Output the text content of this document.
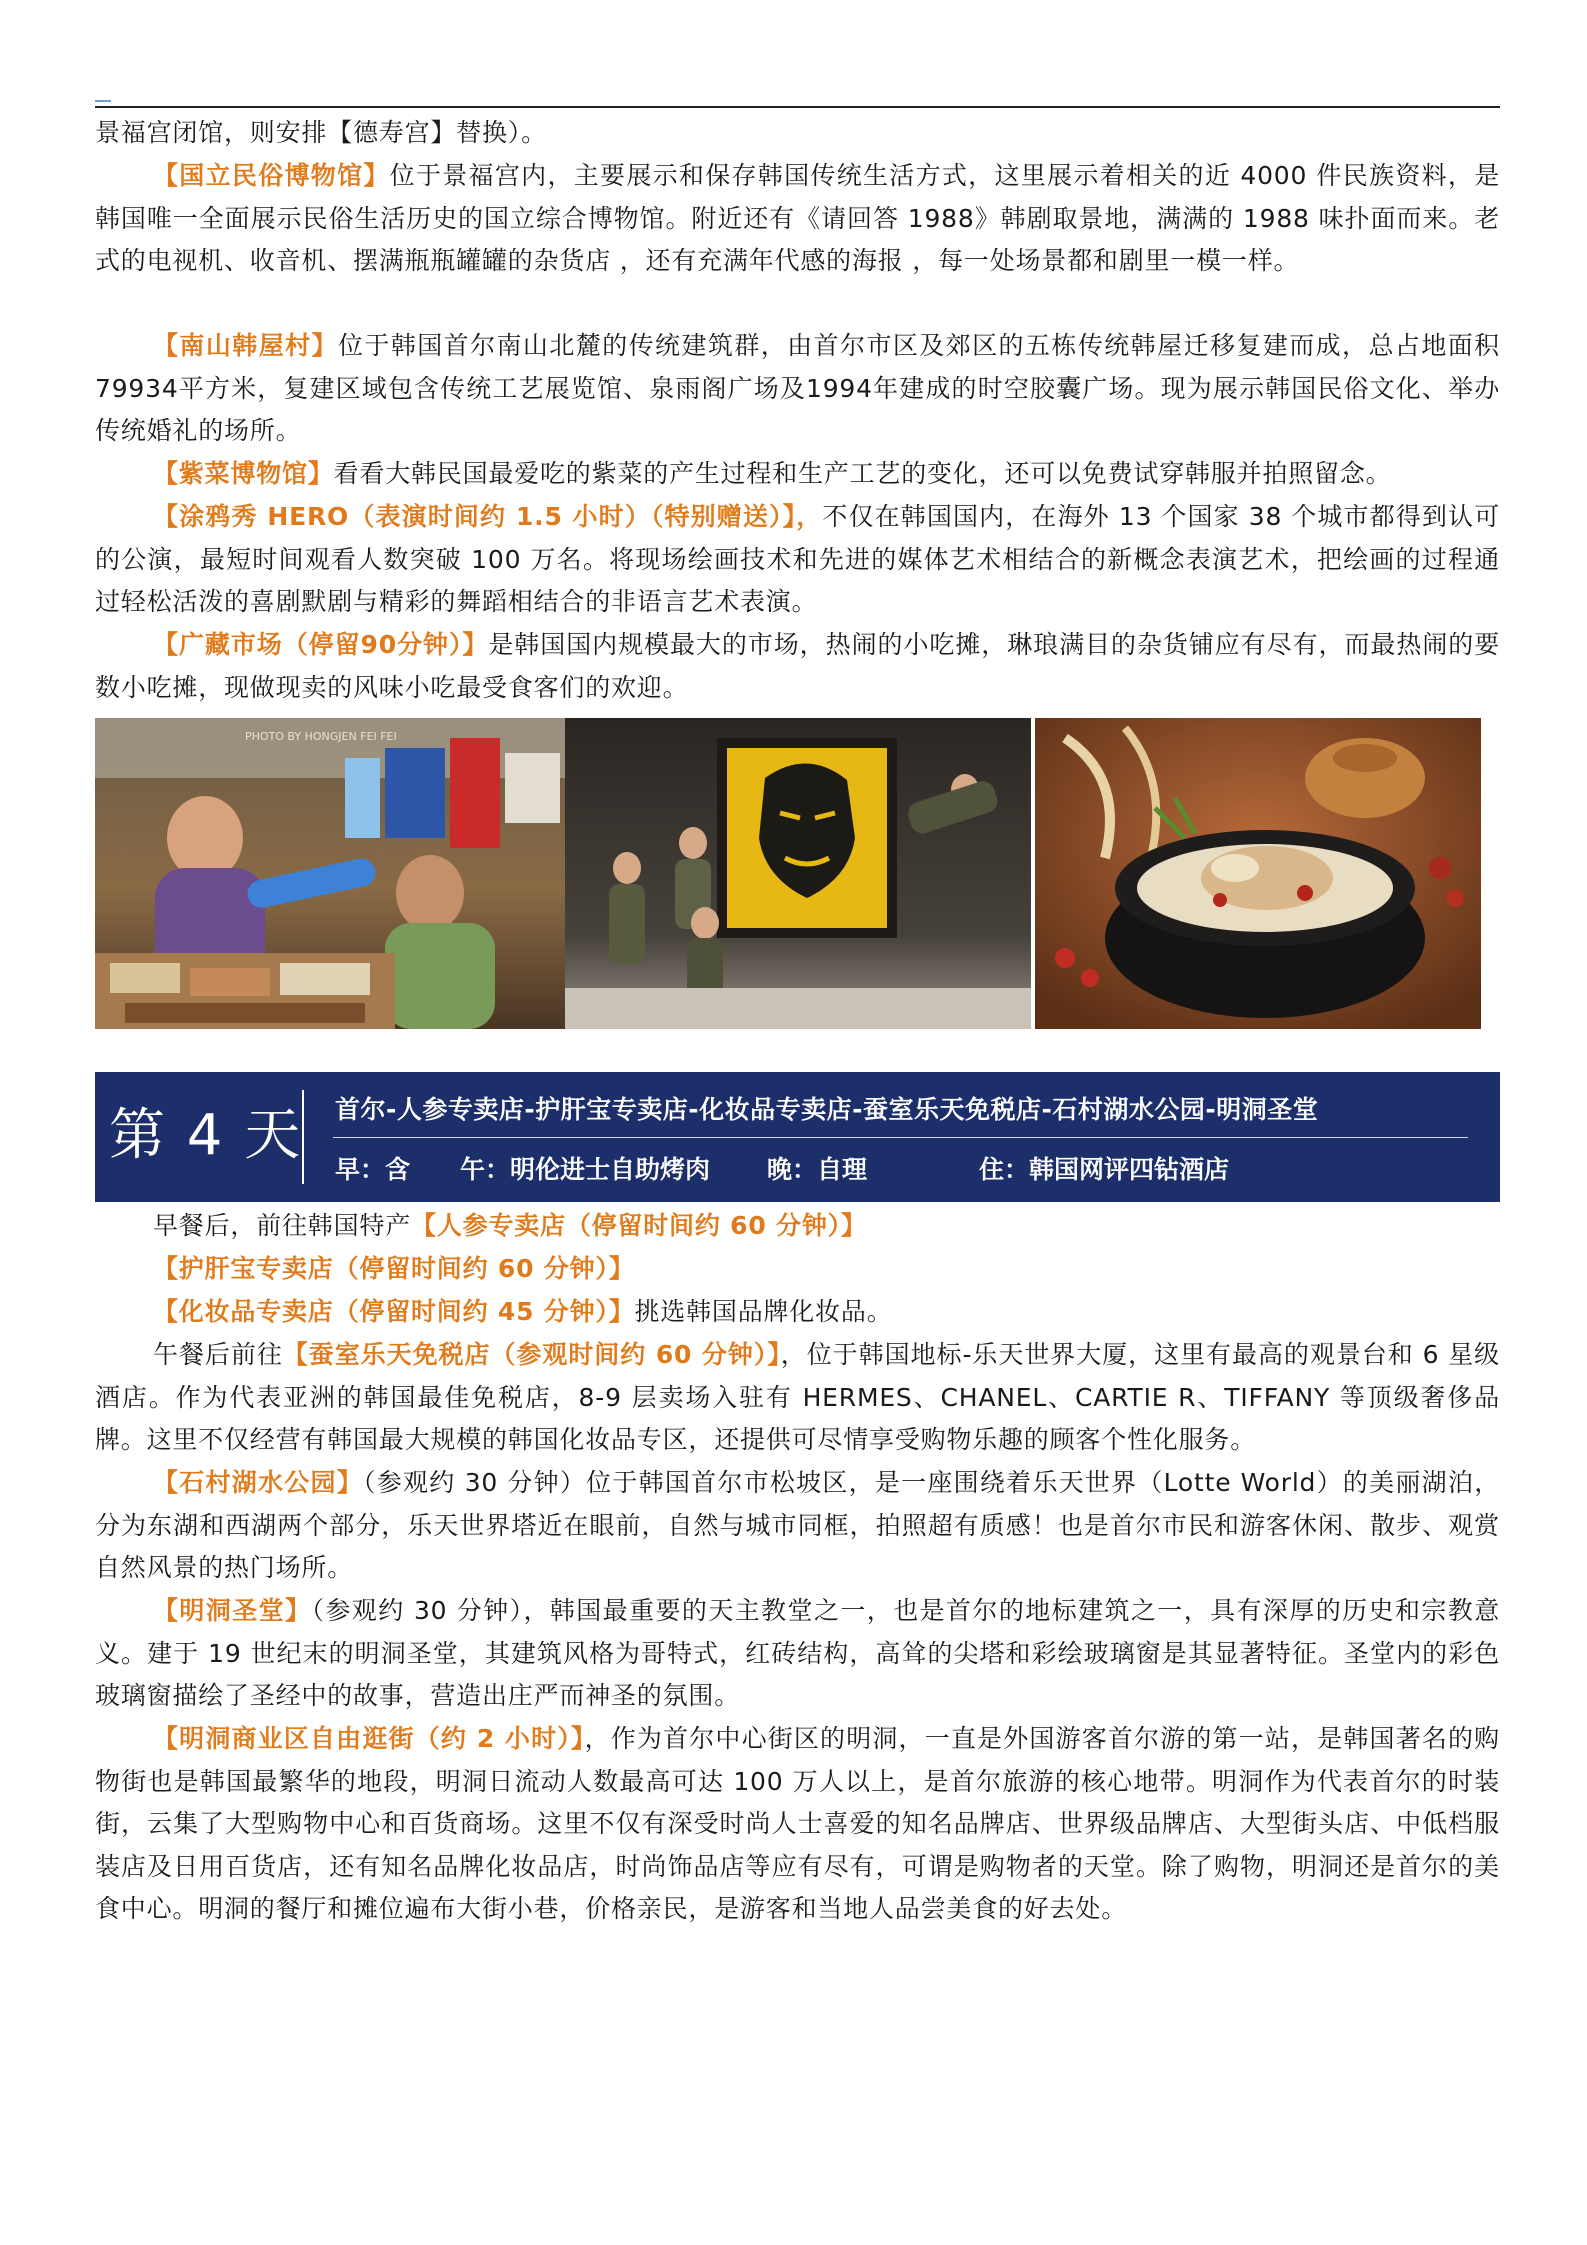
景福宫闭馆，则安排【德寿宫】替换）。

【国立民俗博物馆】位于景福宫内，主要展示和保存韩国传统生活方式，这里展示着相关的近 4000 件民族资料，是韩国唯一全面展示民俗生活历史的国立综合博物馆。附近还有《请回答 1988》韩剧取景地，满满的 1988 味扑面而来。老式的电视机、收音机、摆满瓶瓶罐罐的杂货店 ，还有充满年代感的海报 ，每一处场景都和剧里一模一样。

【南山韩屋村】位于韩国首尔南山北麓的传统建筑群，由首尔市区及郊区的五栋传统韩屋迁移复建而成，总占地面积79934平方米，复建区域包含传统工艺展览馆、泉雨阁广场及1994年建成的时空胶囊广场。现为展示韩国民俗文化、举办传统婚礼的场所。

【紫菜博物馆】看看大韩民国最爱吃的紫菜的产生过程和生产工艺的变化，还可以免费试穿韩服并拍照留念。

【涂鸦秀 HERO（表演时间约 1.5 小时）（特别赠送）】，不仅在韩国国内，在海外 13 个国家 38 个城市都得到认可的公演，最短时间观看人数突破 100 万名。将现场绘画技术和先进的媒体艺术相结合的新概念表演艺术，把绘画的过程通过轻松活泼的喜剧默剧与精彩的舞蹈相结合的非语言艺术表演。

【广藏市场（停留90分钟）】是韩国国内规模最大的市场，热闹的小吃摊，琳琅满目的杂货铺应有尽有，而最热闹的要数小吃摊，现做现卖的风味小吃最受食客们的欢迎。

PHOTO BY HONGJEN FEI FEI
第 4 天 首尔-人参专卖店-护肝宝专卖店-化妆品专卖店-蚕室乐天免税店-石村湖水公园-明洞圣堂
早：含 午：明伦进士自助烤肉 晚：自理	住：韩国网评四钻酒店

早餐后，前往韩国特产【人参专卖店（停留时间约 60 分钟）】

【护肝宝专卖店（停留时间约 60 分钟）】

【化妆品专卖店（停留时间约 45 分钟）】挑选韩国品牌化妆品。

午餐后前往【蚕室乐天免税店（参观时间约 60 分钟）】，位于韩国地标-乐天世界大厦，这里有最高的观景台和 6 星级酒店。作为代表亚洲的韩国最佳免税店，8-9 层卖场入驻有 HERMES、CHANEL、CARTIE R、TIFFANY 等顶级奢侈品牌。这里不仅经营有韩国最大规模的韩国化妆品专区，还提供可尽情享受购物乐趣的顾客个性化服务。

【石村湖水公园】（参观约 30 分钟）位于韩国首尔市松坡区，是一座围绕着乐天世界（Lotte World）的美丽湖泊，分为东湖和西湖两个部分，乐天世界塔近在眼前，自然与城市同框，拍照超有质感！也是首尔市民和游客休闲、散步、观赏自然风景的热门场所。

【明洞圣堂】（参观约 30 分钟），韩国最重要的天主教堂之一，也是首尔的地标建筑之一，具有深厚的历史和宗教意义。建于 19 世纪末的明洞圣堂，其建筑风格为哥特式，红砖结构，高耸的尖塔和彩绘玻璃窗是其显著特征。圣堂内的彩色玻璃窗描绘了圣经中的故事，营造出庄严而神圣的氛围。

【明洞商业区自由逛街（约 2 小时）】，作为首尔中心街区的明洞，一直是外国游客首尔游的第一站，是韩国著名的购物街也是韩国最繁华的地段，明洞日流动人数最高可达 100 万人以上，是首尔旅游的核心地带。明洞作为代表首尔的时装街，云集了大型购物中心和百货商场。这里不仅有深受时尚人士喜爱的知名品牌店、世界级品牌店、大型街头店、中低档服装店及日用百货店，还有知名品牌化妆品店，时尚饰品店等应有尽有，可谓是购物者的天堂。除了购物，明洞还是首尔的美食中心。明洞的餐厅和摊位遍布大街小巷，价格亲民，是游客和当地人品尝美食的好去处。
